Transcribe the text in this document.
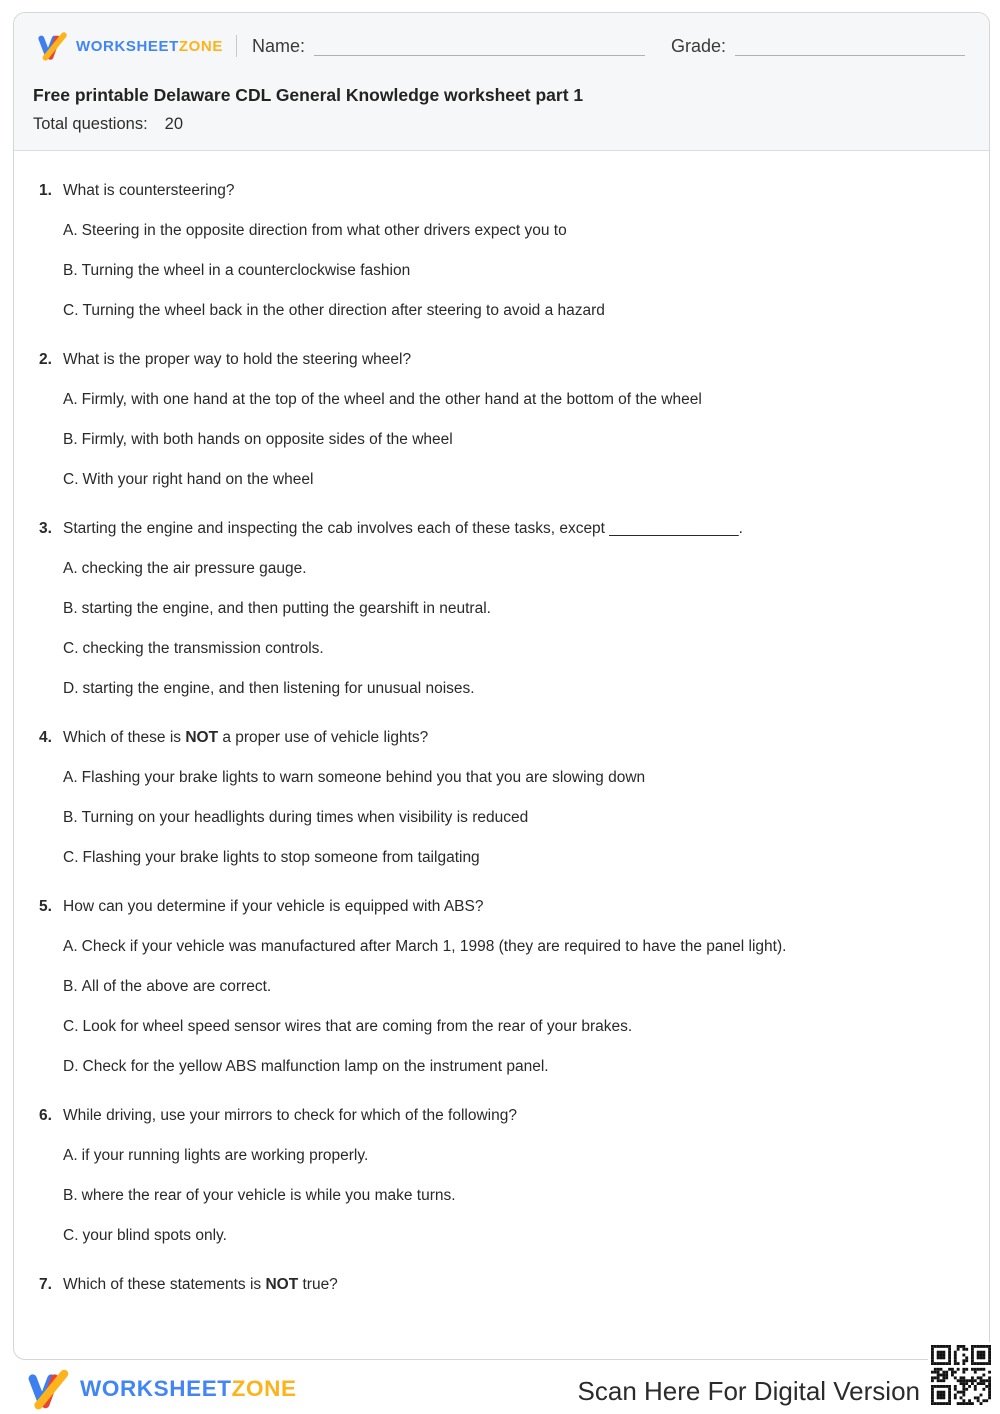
WORKSHEETZONE Name:	Grade:
Free printable Delaware CDL General Knowledge worksheet part 1
Total questions: 20
1. What is countersteering?
A. Steering in the opposite direction from what other drivers expect you to
B. Turning the wheel in a counterclockwise fashion
C. Turning the wheel back in the other direction after steering to avoid a hazard
2. What is the proper way to hold the steering wheel?
A. Firmly, with one hand at the top of the wheel and the other hand at the bottom of the wheel
B. Firmly, with both hands on opposite sides of the wheel
C. With your right hand on the wheel
3. Starting the engine and inspecting the cab involves each of these tasks, except _______________.
A. checking the air pressure gauge.
B. starting the engine, and then putting the gearshift in neutral.
C. checking the transmission controls.
D. starting the engine, and then listening for unusual noises.
4. Which of these is NOT a proper use of vehicle lights?
A. Flashing your brake lights to warn someone behind you that you are slowing down
B. Turning on your headlights during times when visibility is reduced
C. Flashing your brake lights to stop someone from tailgating
5. How can you determine if your vehicle is equipped with ABS?
A. Check if your vehicle was manufactured after March 1, 1998 (they are required to have the panel light).
B. All of the above are correct.
C. Look for wheel speed sensor wires that are coming from the rear of your brakes.
D. Check for the yellow ABS malfunction lamp on the instrument panel.
6. While driving, use your mirrors to check for which of the following?
A. if your running lights are working properly.
B. where the rear of your vehicle is while you make turns.
C. your blind spots only.
7. Which of these statements is NOT true?
WORKSHEETZONE	Scan Here For Digital Version
